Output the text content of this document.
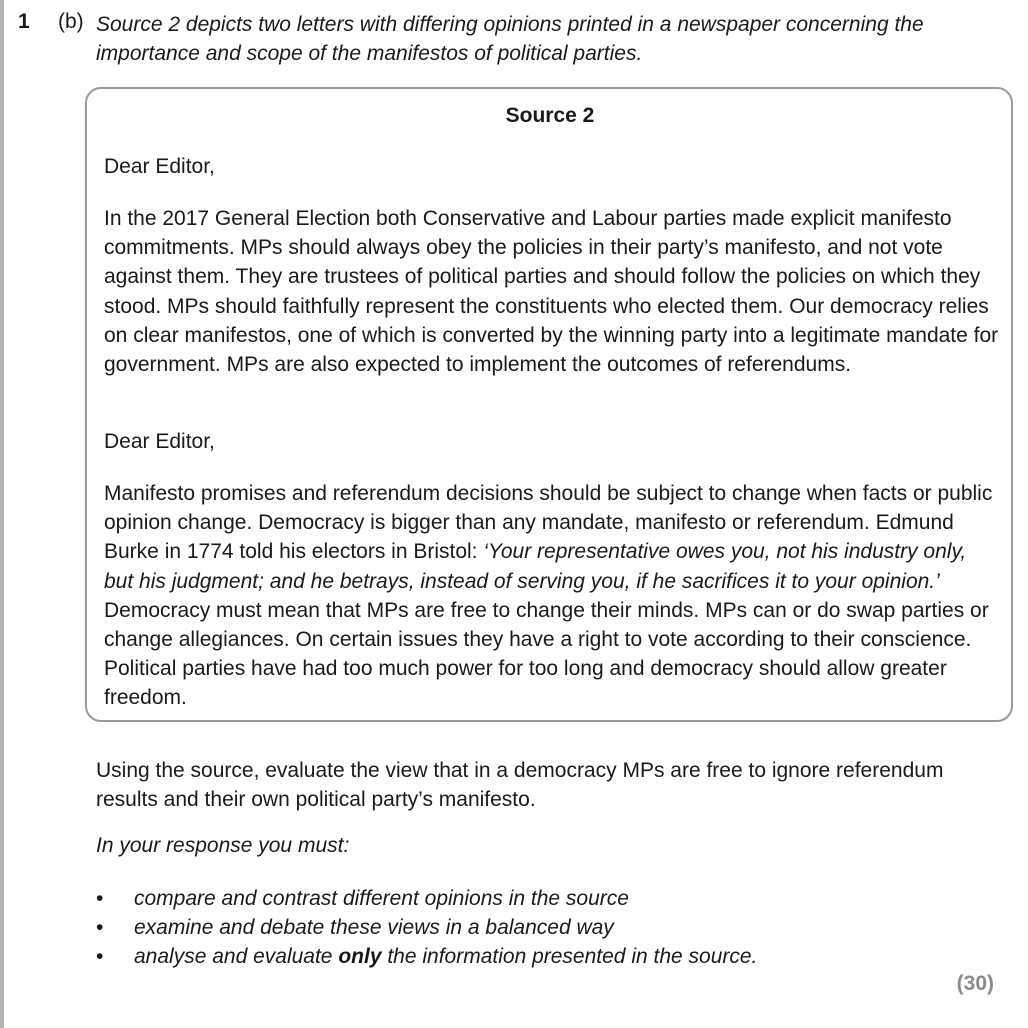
1 (b) Source 2 depicts two letters with differing opinions printed in a newspaper concerning the importance and scope of the manifestos of political parties.
Source 2
Dear Editor,

In the 2017 General Election both Conservative and Labour parties made explicit manifesto commitments. MPs should always obey the policies in their party’s manifesto, and not vote against them. They are trustees of political parties and should follow the policies on which they stood. MPs should faithfully represent the constituents who elected them. Our democracy relies on clear manifestos, one of which is converted by the winning party into a legitimate mandate for government. MPs are also expected to implement the outcomes of referendums.

Dear Editor,

Manifesto promises and referendum decisions should be subject to change when facts or public opinion change. Democracy is bigger than any mandate, manifesto or referendum. Edmund Burke in 1774 told his electors in Bristol: ‘Your representative owes you, not his industry only, but his judgment; and he betrays, instead of serving you, if he sacrifices it to your opinion.’ Democracy must mean that MPs are free to change their minds. MPs can or do swap parties or change allegiances. On certain issues they have a right to vote according to their conscience. Political parties have had too much power for too long and democracy should allow greater freedom.

Using the source, evaluate the view that in a democracy MPs are free to ignore referendum results and their own political party’s manifesto.
In your response you must:
• compare and contrast different opinions in the source
• examine and debate these views in a balanced way
• analyse and evaluate only the information presented in the source.
(30)
